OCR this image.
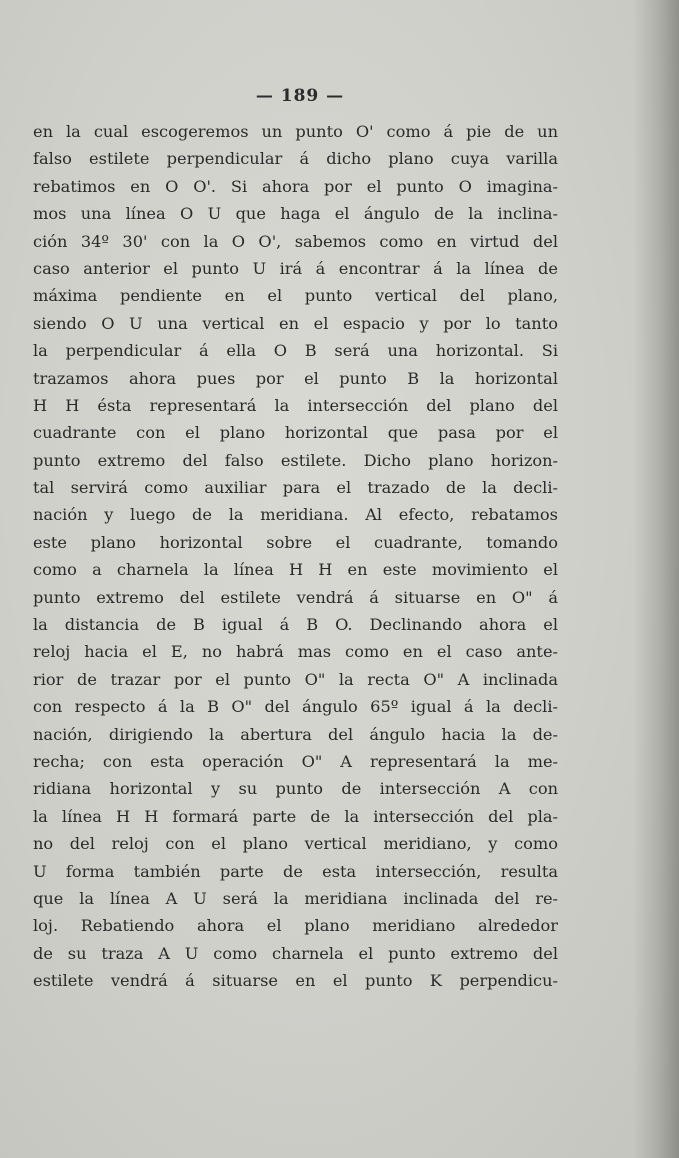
— 189 —
en la cual escogeremos un punto O' como á pie de un
falso estilete perpendicular á dicho plano cuya varilla
rebatimos en O O'. Si ahora por el punto O imagina-
mos una línea O U que haga el ángulo de la inclina-
ción 34º 30' con la O O', sabemos como en virtud del
caso anterior el punto U irá á encontrar á la línea de
máxima pendiente en el punto vertical del plano,
siendo O U una vertical en el espacio y por lo tanto
la perpendicular á ella O B será una horizontal. Si
trazamos ahora pues por el punto B la horizontal
H H ésta representará la intersección del plano del
cuadrante con el plano horizontal que pasa por el
punto extremo del falso estilete. Dicho plano horizon-
tal servirá como auxiliar para el trazado de la decli-
nación y luego de la meridiana. Al efecto, rebatamos
este plano horizontal sobre el cuadrante, tomando
como a charnela la línea H H en este movimiento el
punto extremo del estilete vendrá á situarse en O" á
la distancia de B igual á B O. Declinando ahora el
reloj hacia el E, no habrá mas como en el caso ante-
rior de trazar por el punto O" la recta O" A inclinada
con respecto á la B O" del ángulo 65º igual á la decli-
nación, dirigiendo la abertura del ángulo hacia la de-
recha; con esta operación O" A representará la me-
ridiana horizontal y su punto de intersección A con
la línea H H formará parte de la intersección del pla-
no del reloj con el plano vertical meridiano, y como
U forma también parte de esta intersección, resulta
que la línea A U será la meridiana inclinada del re-
loj. Rebatiendo ahora el plano meridiano alrededor
de su traza A U como charnela el punto extremo del
estilete vendrá á situarse en el punto K perpendicu-
